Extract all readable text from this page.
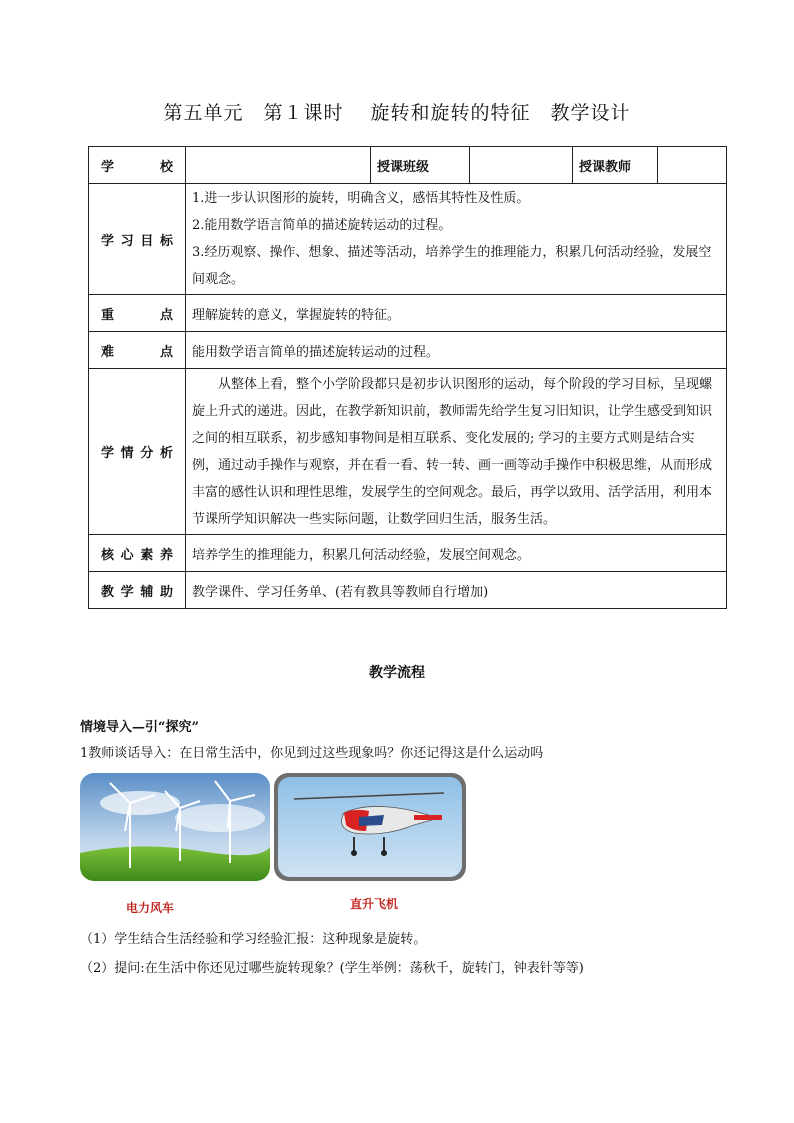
第五单元　第１课时　 旋转和旋转的特征　教学设计
学　　校		授课班级		授课教师	
学习目标	1.进一步认识图形的旋转，明确含义，感悟其特性及性质。

2.能用数学语言简单的描述旋转运动的过程。

3.经历观察、操作、想象、描述等活动，培养学生的推理能力，积累几何活动经验，发展空间观念。				

重　　点	理解旋转的意义，掌握旋转的特征。				
难　　点	能用数学语言简单的描述旋转运动的过程。				
学情分析	从整体上看，整个小学阶段都只是初步认识图形的运动，每个阶段的学习目标，呈现螺旋上升式的递进。因此，在教学新知识前，教师需先给学生复习旧知识，让学生感受到知识之间的相互联系，初步感知事物间是相互联系、变化发展的; 学习的主要方式则是结合实例，通过动手操作与观察，并在看一看、转一转、画一画等动手操作中积极思维，从而形成丰富的感性认识和理性思维，发展学生的空间观念。最后，再学以致用、活学活用，利用本节课所学知识解决一些实际问题，让数学回归生活，服务生活。				

核心素养	培养学生的推理能力，积累几何活动经验，发展空间观念。				
教学辅助	教学课件、学习任务单、(若有教具等教师自行增加)				
教学流程
情境导入—引“探究”
1教师谈话导入：在日常生活中，你见到过这些现象吗？你还记得这是什么运动吗
电力风车	直升飞机
（1）学生结合生活经验和学习经验汇报：这种现象是旋转。
（2）提问:在生活中你还见过哪些旋转现象？(学生举例：荡秋千，旋转门，钟表针等等)
